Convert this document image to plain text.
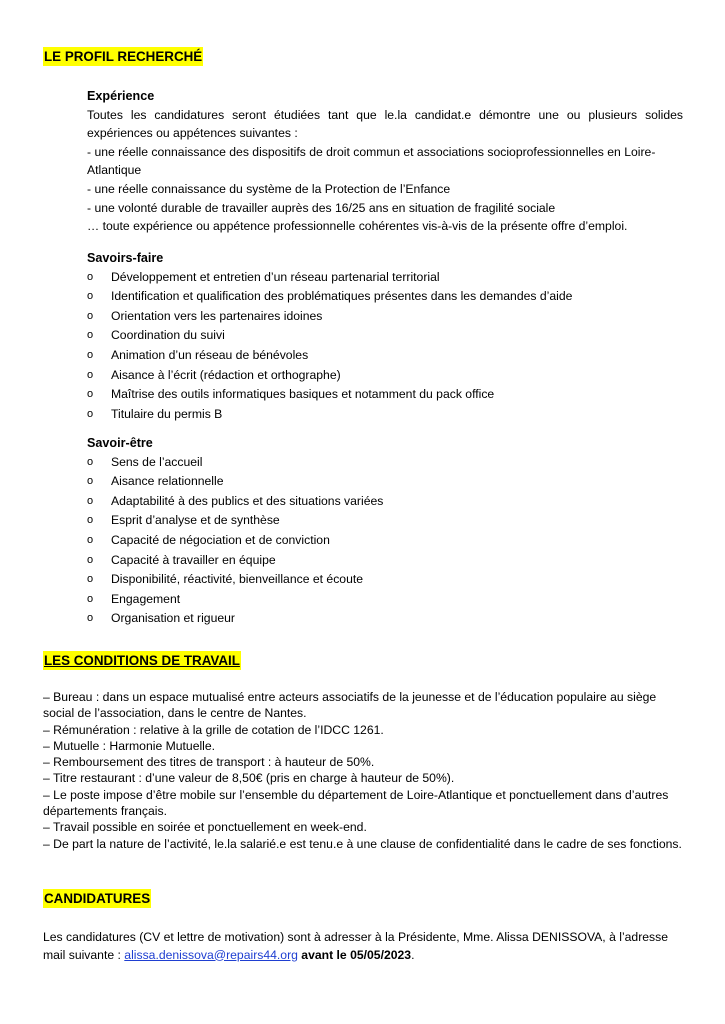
LE PROFIL RECHERCHÉ

Expérience

Toutes les candidatures seront étudiées tant que le.la candidat.e démontre une ou plusieurs solides expériences ou appétences suivantes :

- une réelle connaissance des dispositifs de droit commun et associations socioprofessionnelles en Loire-Atlantique

- une réelle connaissance du système de la Protection de l’Enfance

- une volonté durable de travailler auprès des 16/25 ans en situation de fragilité sociale

… toute expérience ou appétence professionnelle cohérentes vis-à-vis de la présente offre d’emploi.

Savoirs-faire

o Développement et entretien d’un réseau partenarial territorial
o Identification et qualification des problématiques présentes dans les demandes d’aide
o Orientation vers les partenaires idoines
o Coordination du suivi
o Animation d’un réseau de bénévoles
o Aisance à l’écrit (rédaction et orthographe)
o Maîtrise des outils informatiques basiques et notamment du pack office
o Titulaire du permis B

Savoir-être

o Sens de l’accueil
o Aisance relationnelle
o Adaptabilité à des publics et des situations variées
o Esprit d’analyse et de synthèse
o Capacité de négociation et de conviction
o Capacité à travailler en équipe
o Disponibilité, réactivité, bienveillance et écoute
o Engagement
o Organisation et rigueur
LES CONDITIONS DE TRAVAIL

– Bureau : dans un espace mutualisé entre acteurs associatifs de la jeunesse et de l’éducation populaire au siège social de l’association, dans le centre de Nantes.

– Rémunération : relative à la grille de cotation de l’IDCC 1261.

– Mutuelle : Harmonie Mutuelle.

– Remboursement des titres de transport : à hauteur de 50%.

– Titre restaurant : d’une valeur de 8,50€ (pris en charge à hauteur de 50%).

– Le poste impose d’être mobile sur l’ensemble du département de Loire-Atlantique et ponctuellement dans d’autres départements français.

– Travail possible en soirée et ponctuellement en week-end.

– De part la nature de l’activité, le.la salarié.e est tenu.e à une clause de confidentialité dans le cadre de ses fonctions.

CANDIDATURES

Les candidatures (CV et lettre de motivation) sont à adresser à la Présidente, Mme. Alissa DENISSOVA, à l’adresse mail suivante : alissa.denissova@repairs44.org avant le 05/05/2023.
